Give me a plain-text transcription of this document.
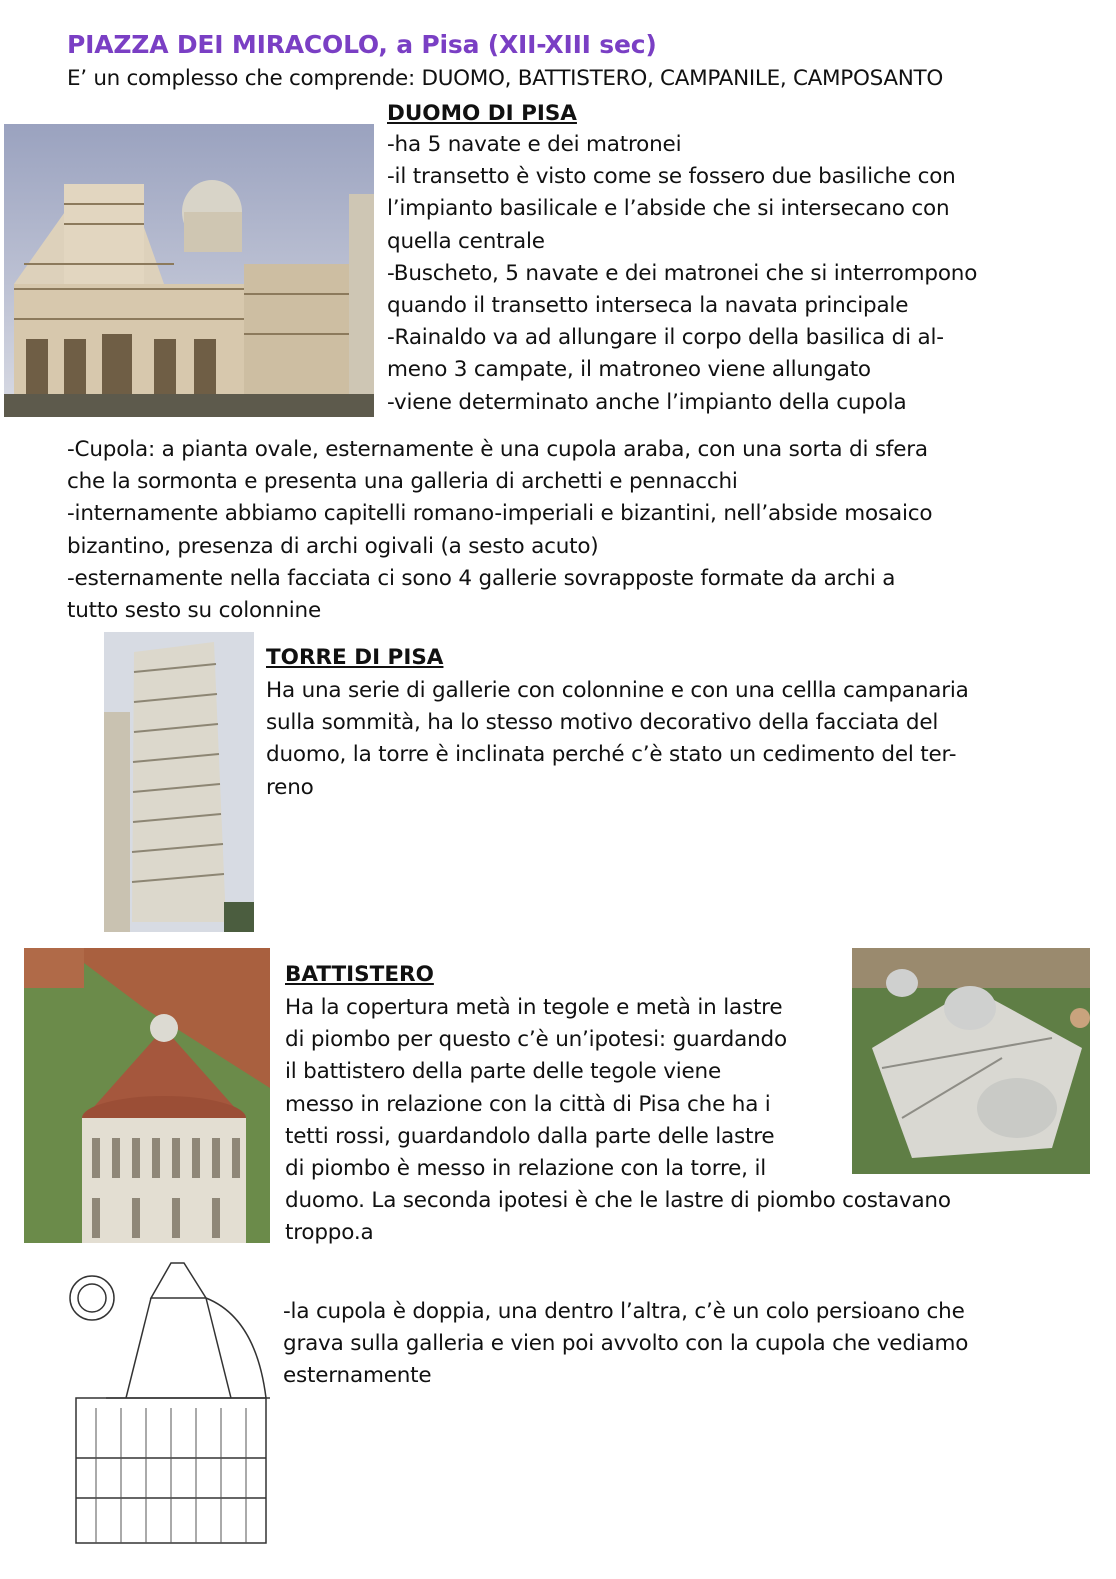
PIAZZA DEI MIRACOLO, a Pisa (XII-XIII sec)
E’ un complesso che comprende: DUOMO, BATTISTERO, CAMPANILE, CAMPOSANTO
DUOMO DI PISA
-ha 5 navate e dei matronei
-il transetto è visto come se fossero due basiliche con
l’impianto basilicale e l’abside che si intersecano con
quella centrale
-Buscheto, 5 navate e dei matronei che si interrompono
quando il transetto interseca la navata principale
-Rainaldo va ad allungare il corpo della basilica di al-
meno 3 campate, il matroneo viene allungato
-viene determinato anche l’impianto della cupola
-Cupola: a pianta ovale, esternamente è una cupola araba, con una sorta di sfera
che la sormonta e presenta una galleria di archetti e pennacchi
-internamente abbiamo capitelli romano-imperiali e bizantini, nell’abside mosaico
bizantino, presenza di archi ogivali (a sesto acuto)
-esternamente nella facciata ci sono 4 gallerie sovrapposte formate da archi a
tutto sesto su colonnine
TORRE DI PISA
Ha una serie di gallerie con colonnine e con una cellla campanaria
sulla sommità, ha lo stesso motivo decorativo della facciata del
duomo, la torre è inclinata perché c’è stato un cedimento del ter-
reno
BATTISTERO
Ha la copertura metà in tegole e metà in lastre
di piombo per questo c’è un’ipotesi: guardando
il battistero della parte delle tegole viene
messo in relazione con la città di Pisa che ha i
tetti rossi, guardandolo dalla parte delle lastre
di piombo è messo in relazione con la torre, il
duomo. La seconda ipotesi è che le lastre di piombo costavano
troppo.a
-la cupola è doppia, una dentro l’altra, c’è un colo persioano che
grava sulla galleria e vien poi avvolto con la cupola che vediamo
esternamente
